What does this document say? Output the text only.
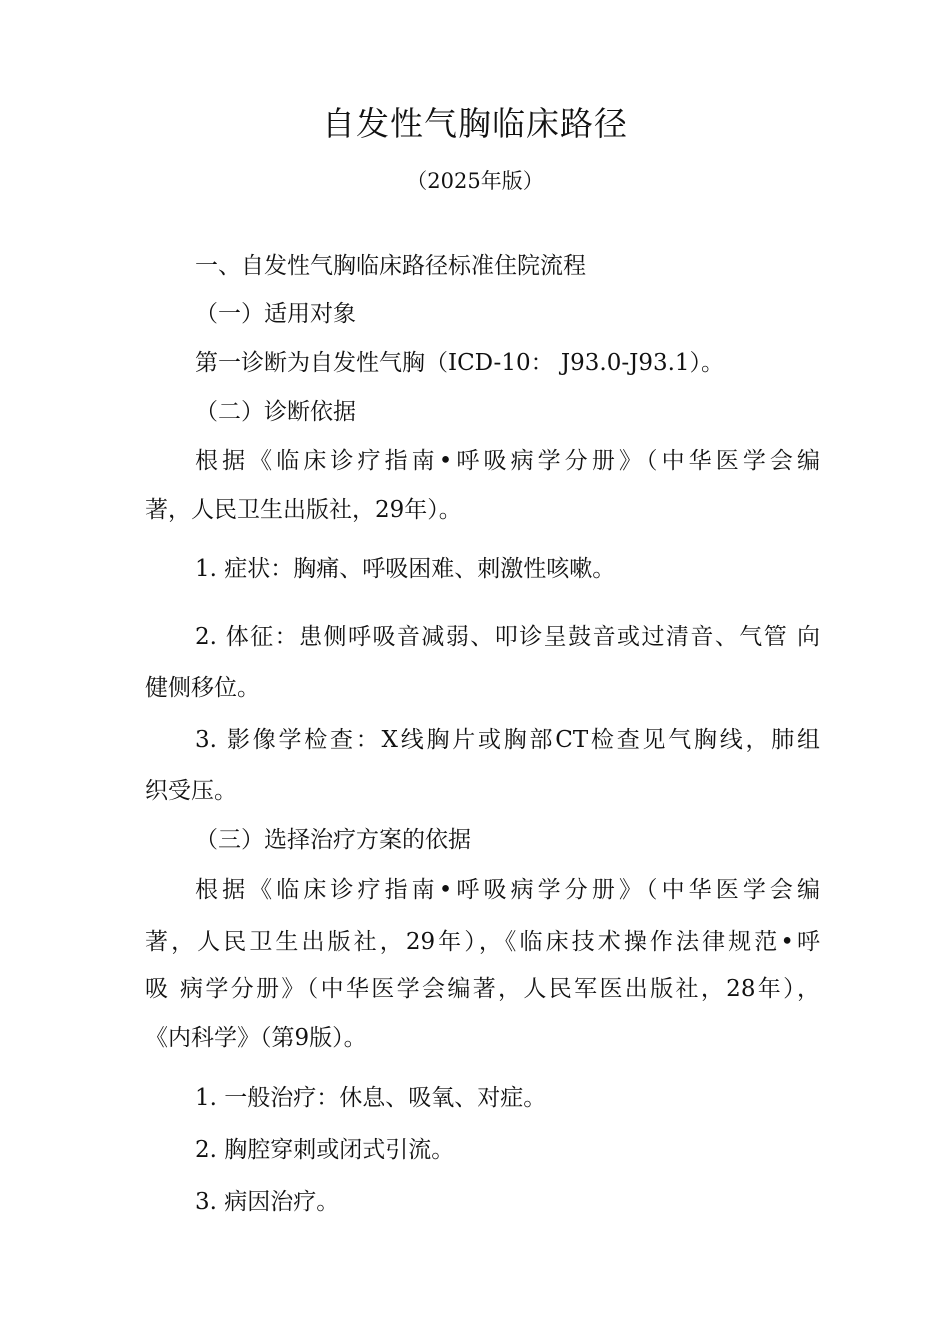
自发性气胸临床路径
（2025年版）
一、自发性气胸临床路径标准住院流程
（一）适用对象
第一诊断为自发性气胸（ICD-10： J93.0-J93.1）。
（二）诊断依据
根据《临床诊疗指南•呼吸病学分册》（中华医学会编
著，人民卫生出版社，29年）。
1. 症状：胸痛、呼吸困难、刺激性咳嗽。
2. 体征：患侧呼吸音减弱、叩诊呈鼓音或过清音、气管 向
健侧移位。
3. 影像学检查：X线胸片或胸部CT检查见气胸线，肺组
织受压。
（三）选择治疗方案的依据
根据《临床诊疗指南•呼吸病学分册》（中华医学会编
著，人民卫生出版社，29年），《临床技术操作法律规范•呼
吸 病学分册》（中华医学会编著，人民军医出版社，28年），
《内科学》（第9版）。
1. 一般治疗：休息、吸氧、对症。
2. 胸腔穿刺或闭式引流。
3. 病因治疗。
